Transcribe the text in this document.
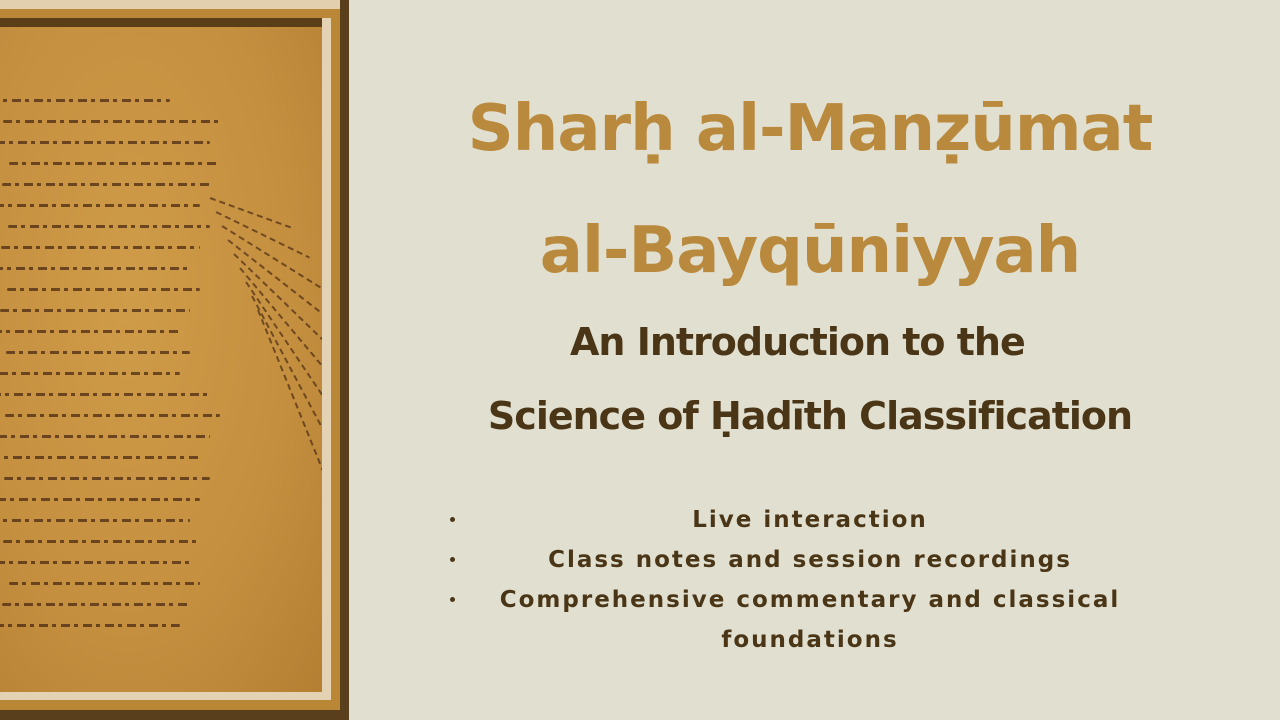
Sharḥ al-Manẓūmat
al-Bayqūniyyah
An Introduction to the
Science of Ḥadīth Classification
Live interaction
Class notes and session recordings
Comprehensive commentary and classical foundations
